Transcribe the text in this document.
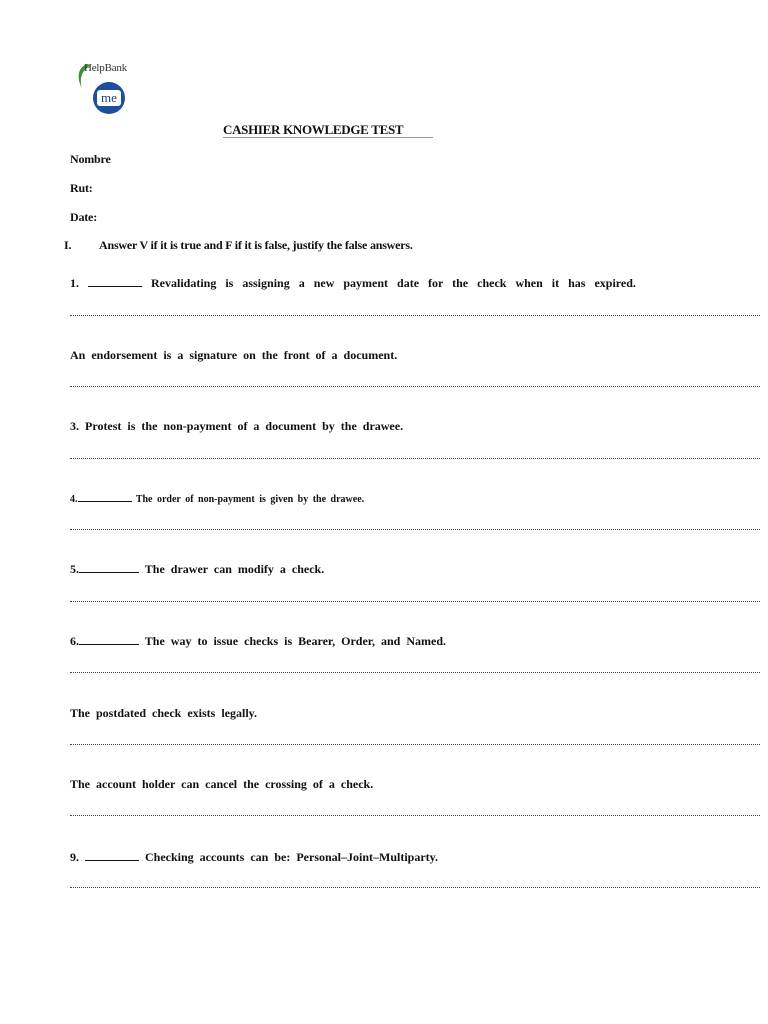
HelpBank
me
CASHIER KNOWLEDGE TEST
Nombre
Rut:
Date:
I. Answer V if it is true and F if it is false, justify the false answers.
1.	Revalidating is assigning a new payment date for the check when it has expired.
An endorsement is a signature on the front of a document.
3. Protest is the non-payment of a document by the drawee.
4.	The order of non-payment is given by the drawee.
5.	The drawer can modify a check.
6.	The way to issue checks is Bearer, Order, and Named.
The postdated check exists legally.
The account holder can cancel the crossing of a check.
9.	Checking accounts can be: Personal–Joint–Multiparty.
